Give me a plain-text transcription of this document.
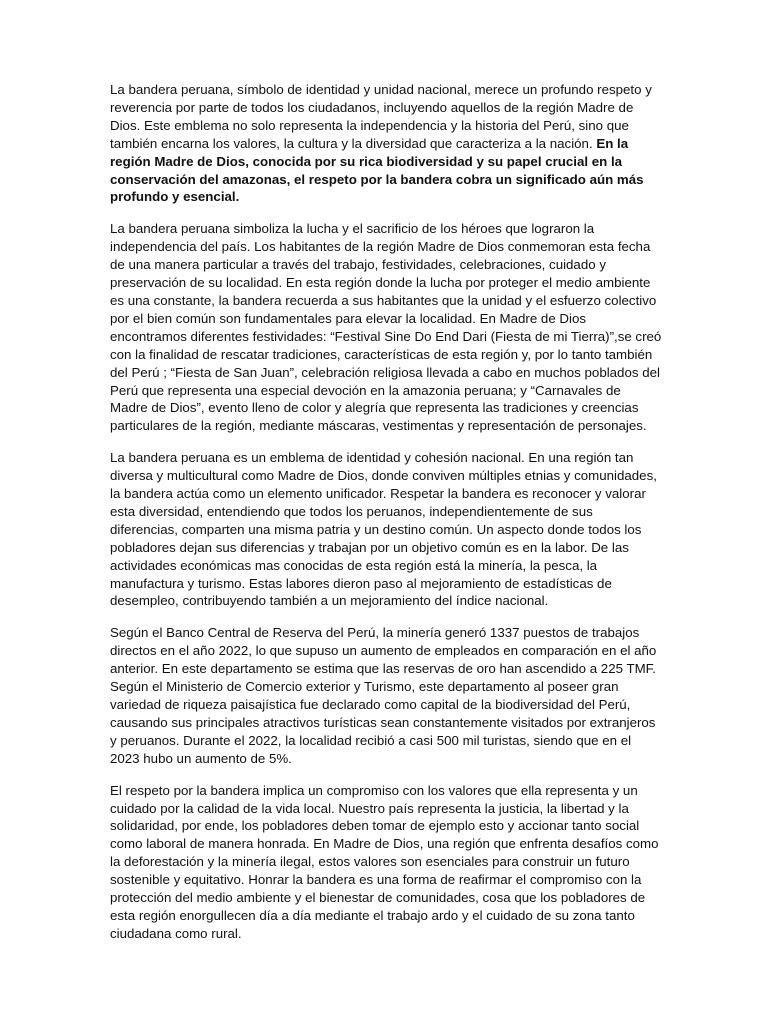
La bandera peruana, símbolo de identidad y unidad nacional, merece un profundo respeto y reverencia por parte de todos los ciudadanos, incluyendo aquellos de la región Madre de Dios. Este emblema no solo representa la independencia y la historia del Perú, sino que también encarna los valores, la cultura y la diversidad que caracteriza a la nación. En la región Madre de Dios, conocida por su rica biodiversidad y su papel crucial en la conservación del amazonas, el respeto por la bandera cobra un significado aún más profundo y esencial.

La bandera peruana simboliza la lucha y el sacrificio de los héroes que lograron la independencia del país. Los habitantes de la región Madre de Dios conmemoran esta fecha de una manera particular a través del trabajo, festividades, celebraciones, cuidado y preservación de su localidad. En esta región donde la lucha por proteger el medio ambiente es una constante, la bandera recuerda a sus habitantes que la unidad y el esfuerzo colectivo por el bien común son fundamentales para elevar la localidad. En Madre de Dios encontramos diferentes festividades: “Festival Sine Do End Dari (Fiesta de mi Tierra)”,se creó con la finalidad de rescatar tradiciones, características de esta región y, por lo tanto también del Perú ; “Fiesta de San Juan”, celebración religiosa llevada a cabo en muchos poblados del Perú que representa una especial devoción en la amazonia peruana; y “Carnavales de Madre de Dios”, evento lleno de color y alegría que representa las tradiciones y creencias particulares de la región, mediante máscaras, vestimentas y representación de personajes.

La bandera peruana es un emblema de identidad y cohesión nacional. En una región tan diversa y multicultural como Madre de Dios, donde conviven múltiples etnias y comunidades, la bandera actúa como un elemento unificador. Respetar la bandera es reconocer y valorar esta diversidad, entendiendo que todos los peruanos, independientemente de sus diferencias, comparten una misma patria y un destino común. Un aspecto donde todos los pobladores dejan sus diferencias y trabajan por un objetivo común es en la labor. De las actividades económicas mas conocidas de esta región está la minería, la pesca, la manufactura y turismo. Estas labores dieron paso al mejoramiento de estadísticas de desempleo, contribuyendo también a un mejoramiento del índice nacional.

Según el Banco Central de Reserva del Perú, la minería generó 1337 puestos de trabajos directos en el año 2022, lo que supuso un aumento de empleados en comparación en el año anterior. En este departamento se estima que las reservas de oro han ascendido a 225 TMF. Según el Ministerio de Comercio exterior y Turismo, este departamento al poseer gran variedad de riqueza paisajística fue declarado como capital de la biodiversidad del Perú, causando sus principales atractivos turísticas sean constantemente visitados por extranjeros y peruanos. Durante el 2022, la localidad recibió a casi 500 mil turistas, siendo que en el 2023 hubo un aumento de 5%.

El respeto por la bandera implica un compromiso con los valores que ella representa y un cuidado por la calidad de la vida local. Nuestro país representa la justicia, la libertad y la solidaridad, por ende, los pobladores deben tomar de ejemplo esto y accionar tanto social como laboral de manera honrada. En Madre de Dios, una región que enfrenta desafíos como la deforestación y la minería ilegal, estos valores son esenciales para construir un futuro sostenible y equitativo. Honrar la bandera es una forma de reafirmar el compromiso con la protección del medio ambiente y el bienestar de comunidades, cosa que los pobladores de esta región enorgullecen día a día mediante el trabajo ardo y el cuidado de su zona tanto ciudadana como rural.
